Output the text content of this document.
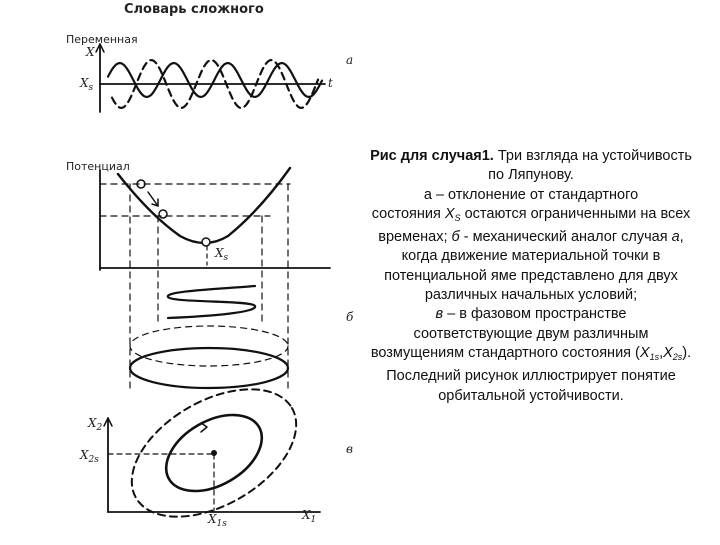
Словарь сложного
Переменная
X
$X_s$	t
а
Потенциал
$X_s$
б
$X_2$
$X_{2s}$
$X_{1s}$
$X_1$
в
Рис для случая1. Три взгляда на устойчивость
по Ляпунову.
а – отклонение от стандартного
состояния $X_S$ остаются ограниченными на всех
временах; б - механический аналог случая а,
когда движение материальной точки в
потенциальной яме представлено для двух
различных начальных условий;
в – в фазовом пространстве
соответствующие двум различным
возмущениям стандартного состояния $(X_{1s},X_{2s})$.
Последний рисунок иллюстрирует понятие
орбитальной устойчивости.
